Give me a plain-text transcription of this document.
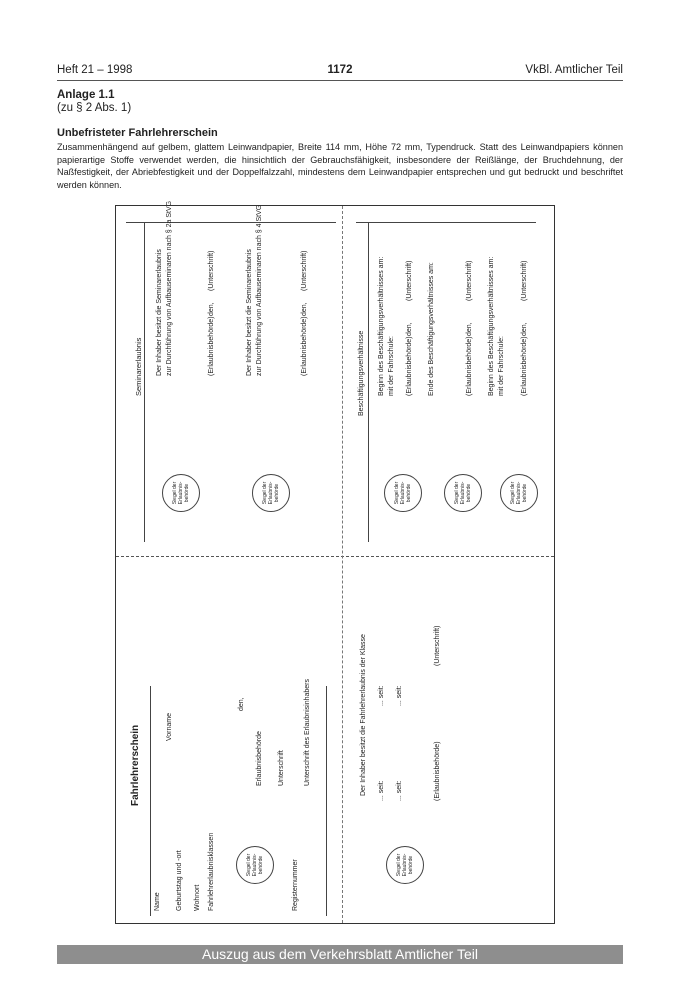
Heft 21 – 1998	1172	VkBl. Amtlicher Teil
Anlage 1.1
(zu § 2 Abs. 1)
Unbefristeter Fahrlehrerschein
Zusammenhängend auf gelbem, glattem Leinwandpapier, Breite 114 mm, Höhe 72 mm, Typendruck. Statt des Leinwandpapiers können papierartige Stoffe verwendet werden, die hinsichtlich der Gebrauchsfähigkeit, insbesondere der Reißlänge, der Bruchdehnung, der Naßfestigkeit, der Abriebfestigkeit und der Doppelfalzzahl, mindestens dem Leinwandpapier entsprechen und gut bedruckt und beschriftet werden können.
Seminarerlaubnis Der Inhaber besitzt die Seminarerlaubnis zur Durchführung von Aufbauseminaren nach § 2a StVG	(Erlaubnisbehörde)
den,
(Unterschrift)	Der Inhaber besitzt die Seminarerlaubnis zur Durchführung von Aufbauseminaren nach § 4 StVG	(Erlaubnisbehörde)
den,
(Unterschrift)
Siegel der Erlaubnis-behörde	Siegel der Erlaubnis-behörde
Beschäftigungsverhältnisse Beginn des Beschäftigungsverhältnisses am: mit der Fahrschule: (Erlaubnisbehörde)
den,
(Unterschrift) Ende des Beschäftigungsverhältnisses am:	(Erlaubnisbehörde)
den,
(Unterschrift) Beginn des Beschäftigungsverhältnisses am: mit der Fahrschule: (Erlaubnisbehörde)
den,
(Unterschrift)
Siegel der Erlaubnis-behörde	Siegel der Erlaubnis-behörde	Siegel der Erlaubnis-behörde
Fahrlehrerschein
Name
Vorname
Geburtstag und -ort Wohnort Fahrlehrerlaubnisklassen
den,
Erlaubnisbehörde Unterschrift	Unterschrift des Erlaubnisinhabers
Registernummer
Siegel der Erlaubnis-behörde
Der Inhaber besitzt die Fahrlehrerlaubnis der Klasse ... seit:
... seit:
... seit:
... seit:
(Erlaubnisbehörde)
(Unterschrift)
Siegel der Erlaubnis-behörde
Auszug aus dem Verkehrsblatt Amtlicher Teil
